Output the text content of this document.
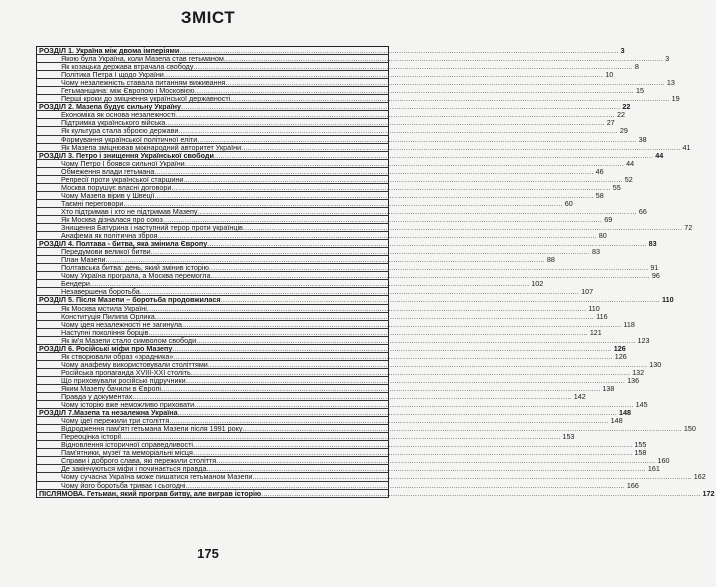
ЗМІСТ
РОЗДІЛ 1. Україна між двома імперіями ........................................................................................................................................................................................................ 3
Якою була Україна, коли Мазепа став гетьманом ........................................................................................................................................................................................................ 3
Як козацька держава втрачала свободу ........................................................................................................................................................................................................ 8
Політика Петра І щодо України ........................................................................................................................................................................................................ 10
Чому незалежність ставала питанням виживання ........................................................................................................................................................................................................ 13
Гетьманщина: між Європою і Московією ........................................................................................................................................................................................................ 15
Перші кроки до зміцнення української державності ........................................................................................................................................................................................................ 19
РОЗДІЛ 2. Мазепа будує сильну Україну ........................................................................................................................................................................................................ 22
Економіка як основа незалежності ........................................................................................................................................................................................................ 22
Підтримка українського війська ........................................................................................................................................................................................................ 27
Як культура стала зброєю держави ........................................................................................................................................................................................................ 29
Формування української політичної еліти ........................................................................................................................................................................................................ 38
Як Мазепа зміцнював міжнародний авторитет України ........................................................................................................................................................................................................ 41
РОЗДІЛ 3. Петро і знищення Української свободи ........................................................................................................................................................................................................ 44
Чому Петро І боявся сильної України ........................................................................................................................................................................................................ 44
Обмеження влади гетьмана ........................................................................................................................................................................................................ 46
Репресії проти української старшини ........................................................................................................................................................................................................ 52
Москва порушує власні договори ........................................................................................................................................................................................................ 55
Чому Мазепа вірив у Швеції ........................................................................................................................................................................................................ 58
Таємні переговори ........................................................................................................................................................................................................ 60
Хто підтримав і хто не підтримав Мазепу ........................................................................................................................................................................................................ 66
Як Москва дізналася про союз ........................................................................................................................................................................................................ 69
Знищення Батурина і наступний терор проти українців ........................................................................................................................................................................................................ 72
Анафема як політична зброя ........................................................................................................................................................................................................ 80
РОЗДІЛ 4. Полтава - битва, яка змінила Європу ........................................................................................................................................................................................................ 83
Передумови великої битви ........................................................................................................................................................................................................ 83
План Мазепи ........................................................................................................................................................................................................ 88
Полтавська битва: день, який змінив історію ........................................................................................................................................................................................................ 91
Чому Україна програла, а Москва перемогла ........................................................................................................................................................................................................ 96
Бендери ........................................................................................................................................................................................................ 102
Незавершена боротьба ........................................................................................................................................................................................................ 107
РОЗДІЛ 5. Після Мазепи – боротьба продовжилася ........................................................................................................................................................................................................ 110
Як Москва мстила Україні ........................................................................................................................................................................................................ 110
Конституція Пилипа Орлика ........................................................................................................................................................................................................ 116
Чому ідея незалежності не загинула ........................................................................................................................................................................................................ 118
Наступні покоління борців ........................................................................................................................................................................................................ 121
Як ім'я Мазепи стало символом свободи ........................................................................................................................................................................................................ 123
РОЗДІЛ 6. Російські міфи про Мазепу ........................................................................................................................................................................................................ 126
Як створювали образ «зрадника» ........................................................................................................................................................................................................ 126
Чому анафему використовували століттями ........................................................................................................................................................................................................ 130
Російська пропаганда XVIII-XXI століть ........................................................................................................................................................................................................ 132
Що приховували російські підручники ........................................................................................................................................................................................................ 136
Яким Мазепу бачили в Європі ........................................................................................................................................................................................................ 138
Правда у документах ........................................................................................................................................................................................................ 142
Чому історію вже неможливо приховати ........................................................................................................................................................................................................ 145
РОЗДІЛ 7.Мазепа та незалежна Україна ........................................................................................................................................................................................................ 148
Чому ідеї пережили три століття ........................................................................................................................................................................................................ 148
Відродження пам'яті гетьмана Мазепи після 1991 року ........................................................................................................................................................................................................ 150
Переоцінка історії ........................................................................................................................................................................................................ 153
Відновлення історичної справедливості ........................................................................................................................................................................................................ 155
Пам'ятники, музеї та меморіальні місця ........................................................................................................................................................................................................ 158
Справи і доброго слава, які пережили століття ........................................................................................................................................................................................................ 160
Де закінчуються міфи і починається правда ........................................................................................................................................................................................................ 161
Чому сучасна Україна може пишатися гетьманом Мазепи ........................................................................................................................................................................................................ 162
Чому його боротьба триває і сьогодні ........................................................................................................................................................................................................ 166
ПІСЛЯМОВА. Гетьман, який програв битву, але виграв історію ........................................................................................................................................................................................................ 172
175
